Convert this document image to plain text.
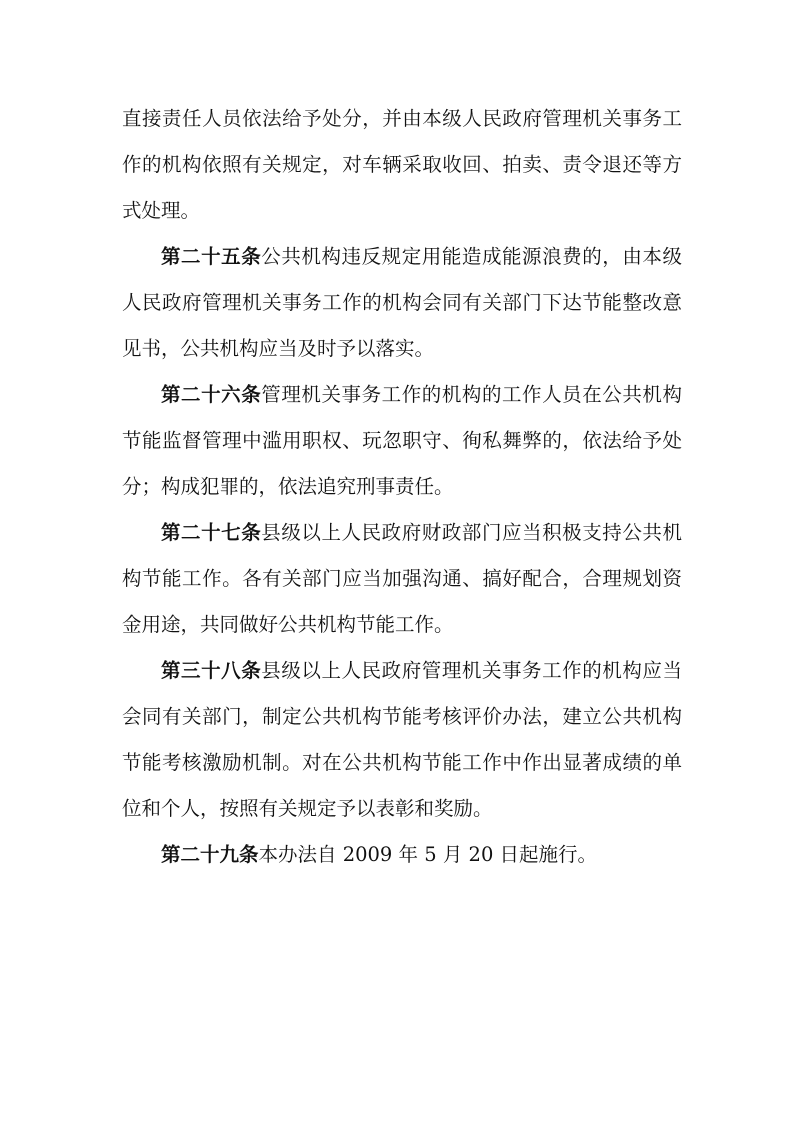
直接责任人员依法给予处分，并由本级人民政府管理机关事务工作的机构依照有关规定，对车辆采取收回、拍卖、责令退还等方式处理。

第二十五条公共机构违反规定用能造成能源浪费的，由本级人民政府管理机关事务工作的机构会同有关部门下达节能整改意见书，公共机构应当及时予以落实。

第二十六条管理机关事务工作的机构的工作人员在公共机构节能监督管理中滥用职权、玩忽职守、徇私舞弊的，依法给予处分；构成犯罪的，依法追究刑事责任。

第二十七条县级以上人民政府财政部门应当积极支持公共机构节能工作。各有关部门应当加强沟通、搞好配合，合理规划资金用途，共同做好公共机构节能工作。

第三十八条县级以上人民政府管理机关事务工作的机构应当会同有关部门，制定公共机构节能考核评价办法，建立公共机构节能考核激励机制。对在公共机构节能工作中作出显著成绩的单位和个人，按照有关规定予以表彰和奖励。

第二十九条本办法自 2009 年 5 月 20 日起施行。
